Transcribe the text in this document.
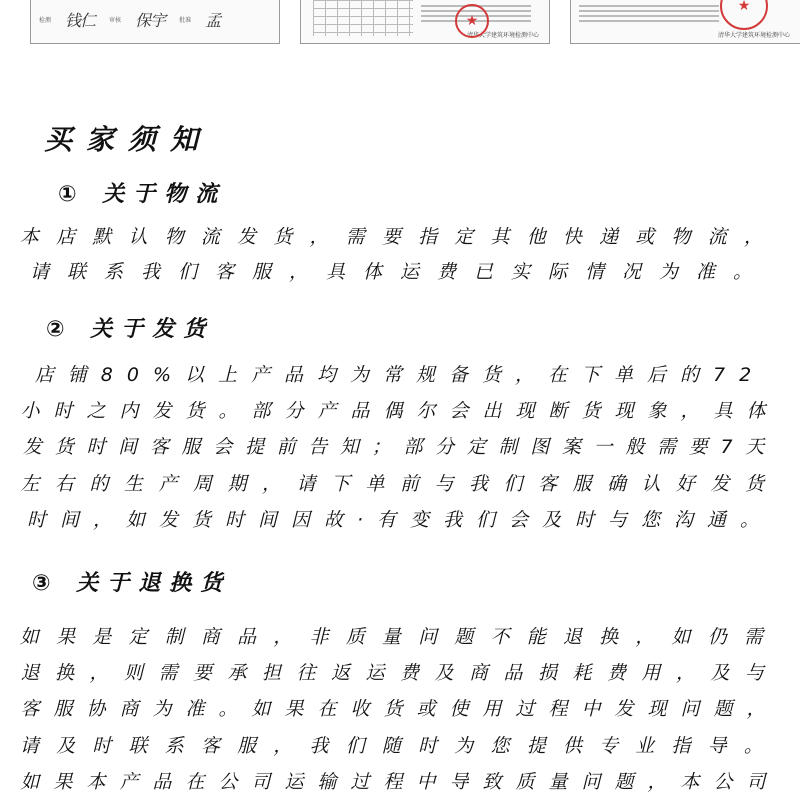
检测 钱仁 审核 保宇 批准 孟
清华大学建筑环境检测中心
★
清华大学建筑环境检测中心
★
买家须知
① 关于物流

本店默认物流发货，需要指定其他快递或物流，

请联系我们客服，具体运费已实际情况为准。

② 关于发货

店铺80%以上产品均为常规备货，在下单后的72

小时之内发货。部分产品偶尔会出现断货现象，具体

发货时间客服会提前告知；部分定制图案一般需要7天

左右的生产周期，请下单前与我们客服确认好发货

时间，如发货时间因故·有变我们会及时与您沟通。

③ 关于退换货

如果是定制商品，非质量问题不能退换，如仍需

退换，则需要承担往返运费及商品损耗费用，及与

客服协商为准。如果在收货或使用过程中发现问题，

请及时联系客服，我们随时为您提供专业指导。

如果本产品在公司运输过程中导致质量问题，本公司
